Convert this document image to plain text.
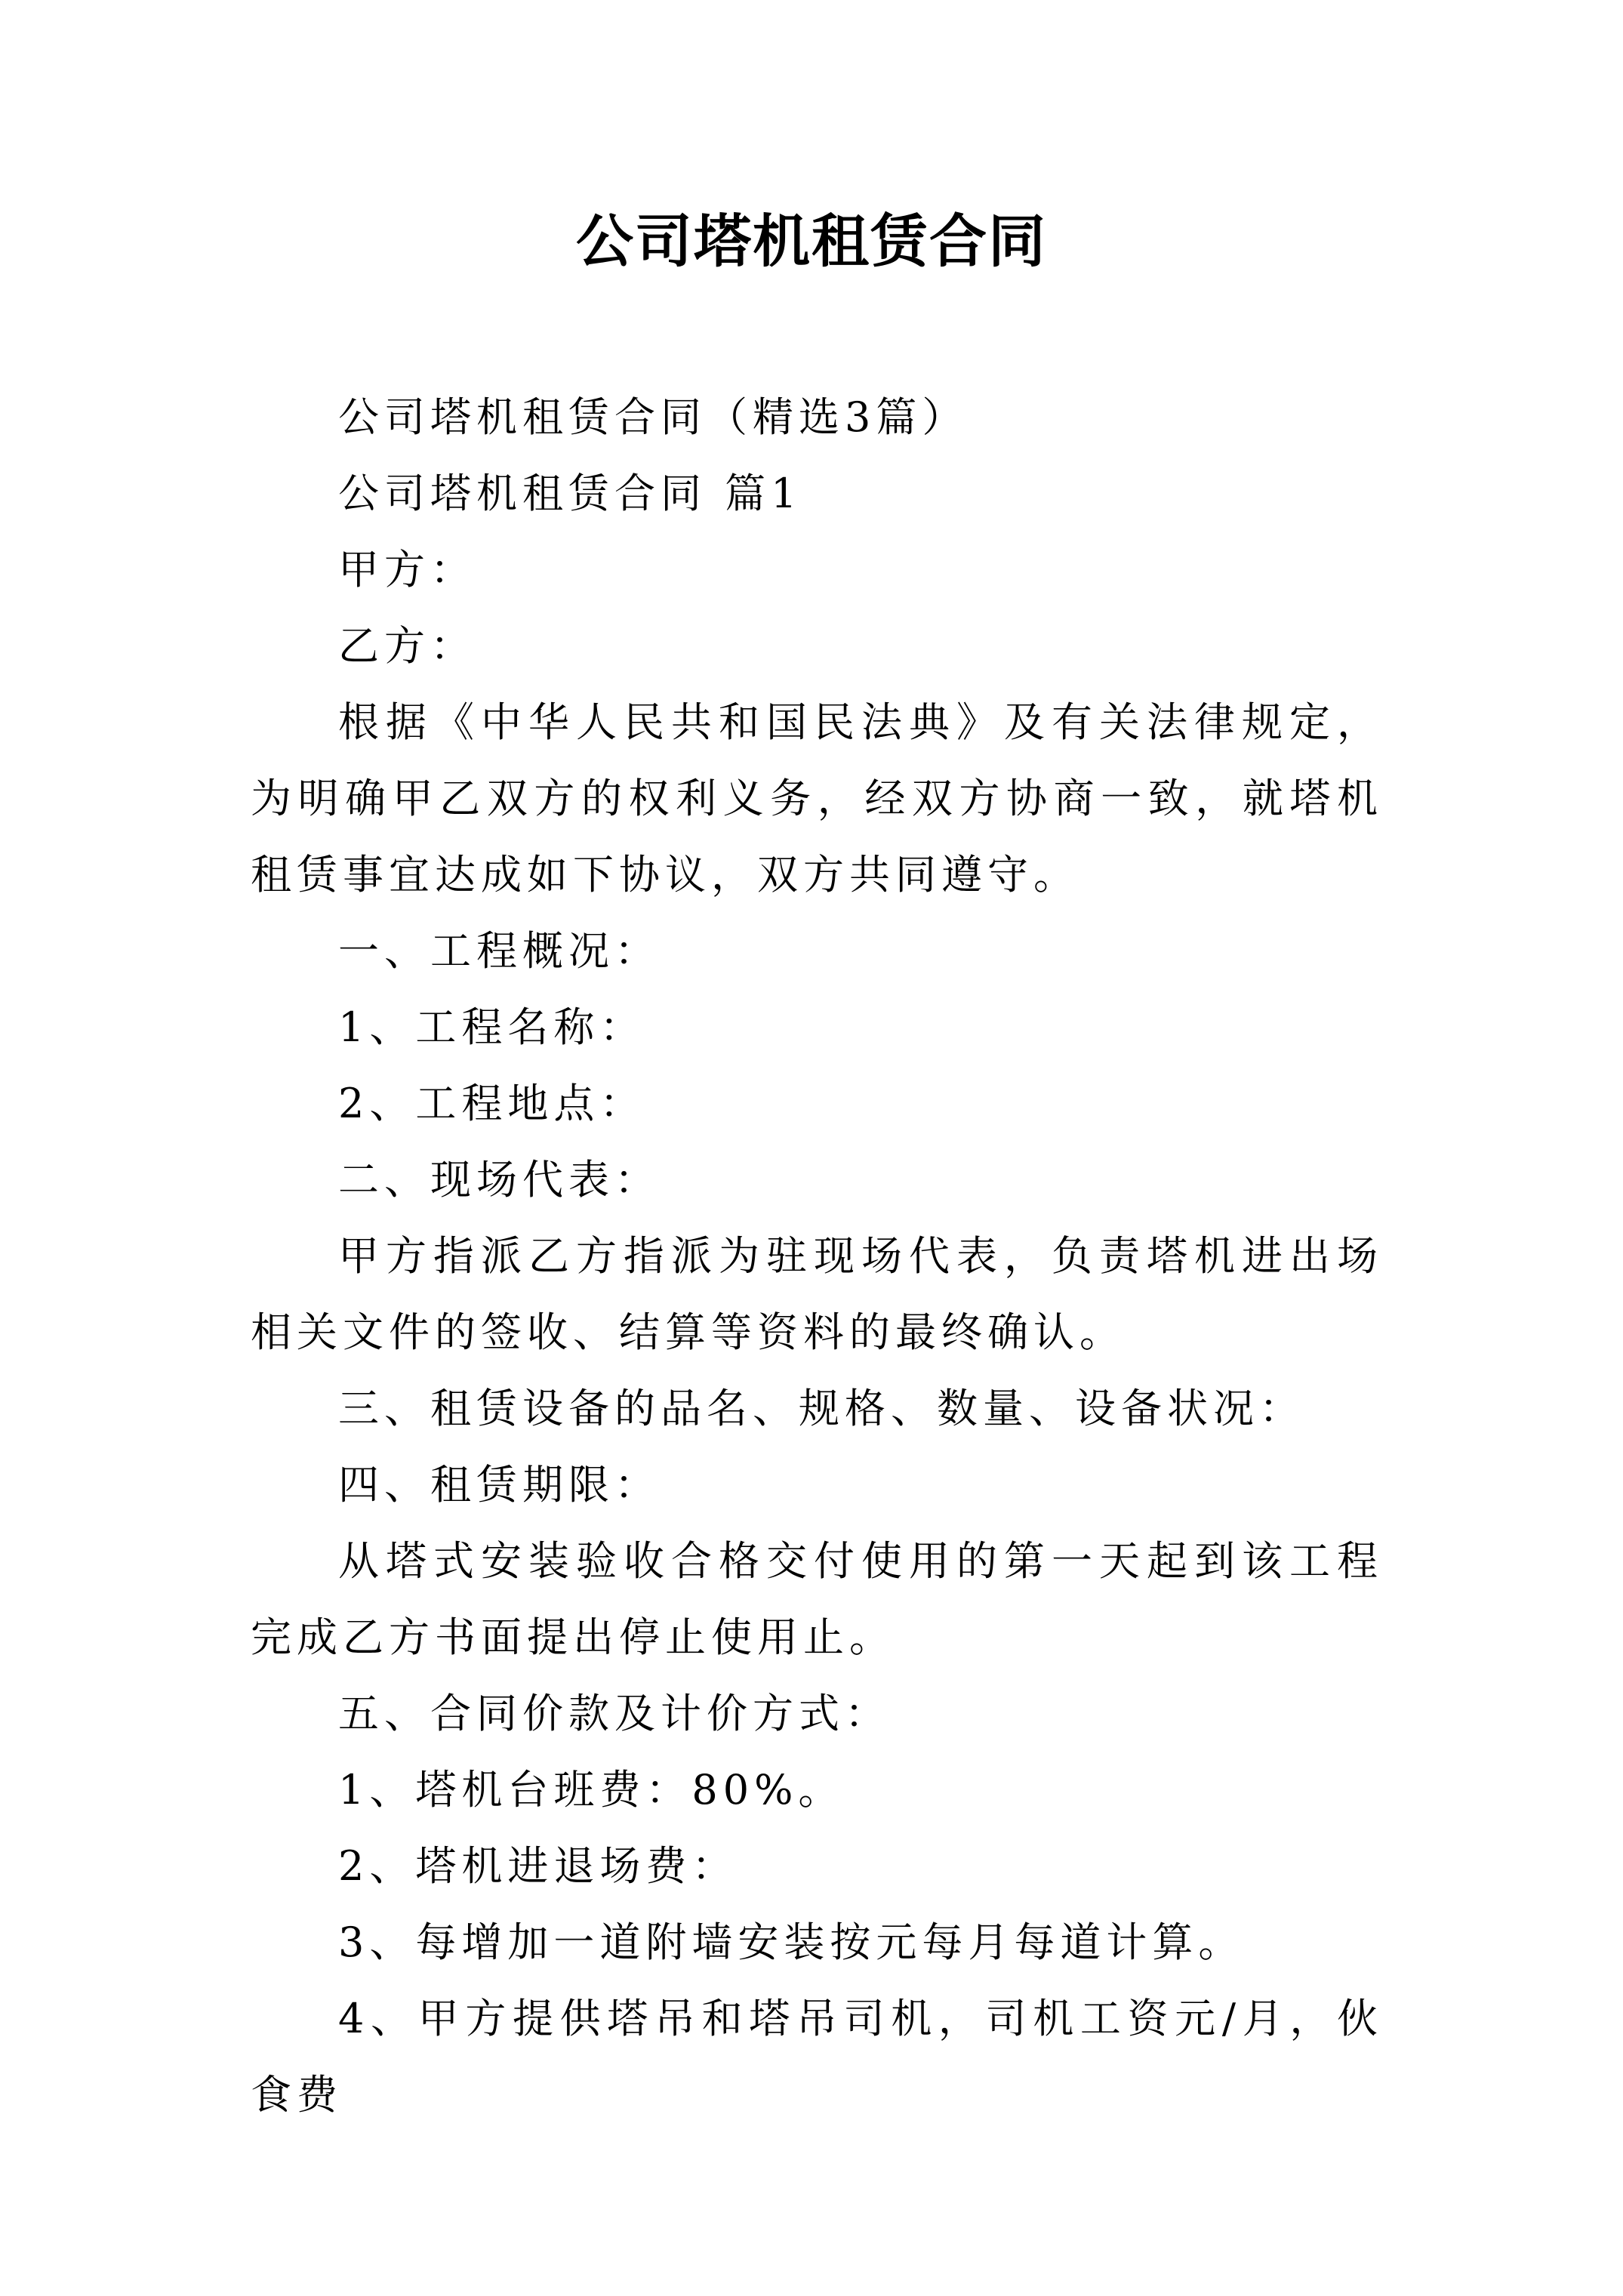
公司塔机租赁合同

公司塔机租赁合同（精选3篇）

公司塔机租赁合同 篇1

甲方：

乙方：

根据《中华人民共和国民法典》及有关法律规定，为明确甲乙双方的权利义务，经双方协商一致，就塔机租赁事宜达成如下协议，双方共同遵守。

一、工程概况：

1、工程名称：

2、工程地点：

二、现场代表：

甲方指派乙方指派为驻现场代表，负责塔机进出场相关文件的签收、结算等资料的最终确认。

三、租赁设备的品名、规格、数量、设备状况：

四、租赁期限：

从塔式安装验收合格交付使用的第一天起到该工程完成乙方书面提出停止使用止。

五、合同价款及计价方式：

1、塔机台班费：80%。

2、塔机进退场费：

3、每增加一道附墙安装按元每月每道计算。

4、甲方提供塔吊和塔吊司机，司机工资元/月，伙食费
